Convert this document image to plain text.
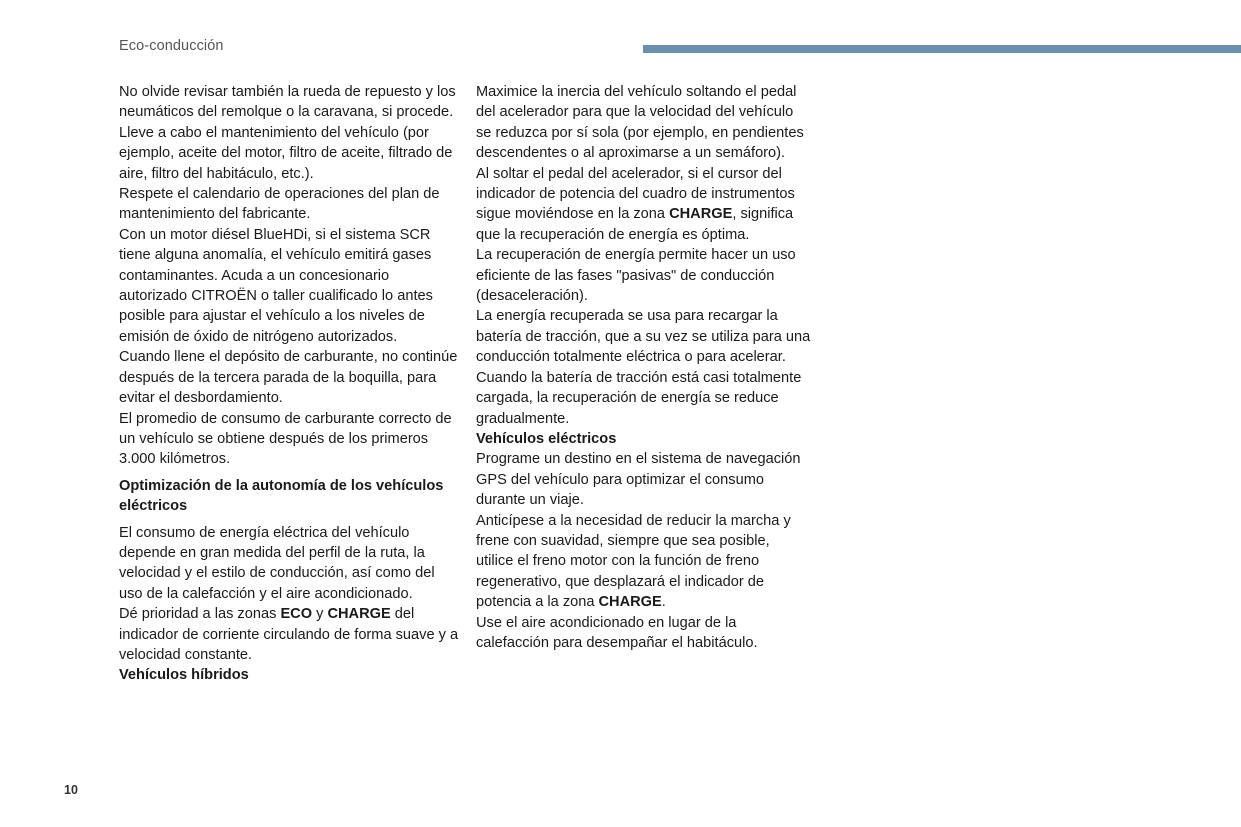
Eco-conducción

No olvide revisar también la rueda de repuesto y los neumáticos del remolque o la caravana, si procede.

Lleve a cabo el mantenimiento del vehículo (por ejemplo, aceite del motor, filtro de aceite, filtrado de aire, filtro del habitáculo, etc.).

Respete el calendario de operaciones del plan de mantenimiento del fabricante.

Con un motor diésel BlueHDi, si el sistema SCR tiene alguna anomalía, el vehículo emitirá gases contaminantes. Acuda a un concesionario autorizado CITROËN o taller cualificado lo antes posible para ajustar el vehículo a los niveles de emisión de óxido de nitrógeno autorizados.

Cuando llene el depósito de carburante, no continúe después de la tercera parada de la boquilla, para evitar el desbordamiento.

El promedio de consumo de carburante correcto de un vehículo se obtiene después de los primeros 3.000 kilómetros.

Optimización de la autonomía de los vehículos eléctricos

El consumo de energía eléctrica del vehículo depende en gran medida del perfil de la ruta, la velocidad y el estilo de conducción, así como del uso de la calefacción y el aire acondicionado.

Dé prioridad a las zonas ECO y CHARGE del indicador de corriente circulando de forma suave y a velocidad constante.

Vehículos híbridos

Maximice la inercia del vehículo soltando el pedal del acelerador para que la velocidad del vehículo se reduzca por sí sola (por ejemplo, en pendientes descendentes o al aproximarse a un semáforo).

Al soltar el pedal del acelerador, si el cursor del indicador de potencia del cuadro de instrumentos sigue moviéndose en la zona CHARGE, significa que la recuperación de energía es óptima.

La recuperación de energía permite hacer un uso eficiente de las fases "pasivas" de conducción (desaceleración).

La energía recuperada se usa para recargar la batería de tracción, que a su vez se utiliza para una conducción totalmente eléctrica o para acelerar.

Cuando la batería de tracción está casi totalmente cargada, la recuperación de energía se reduce gradualmente.

Vehículos eléctricos

Programe un destino en el sistema de navegación GPS del vehículo para optimizar el consumo durante un viaje.

Anticípese a la necesidad de reducir la marcha y frene con suavidad, siempre que sea posible, utilice el freno motor con la función de freno regenerativo, que desplazará el indicador de potencia a la zona CHARGE.

Use el aire acondicionado en lugar de la calefacción para desempañar el habitáculo.

10
